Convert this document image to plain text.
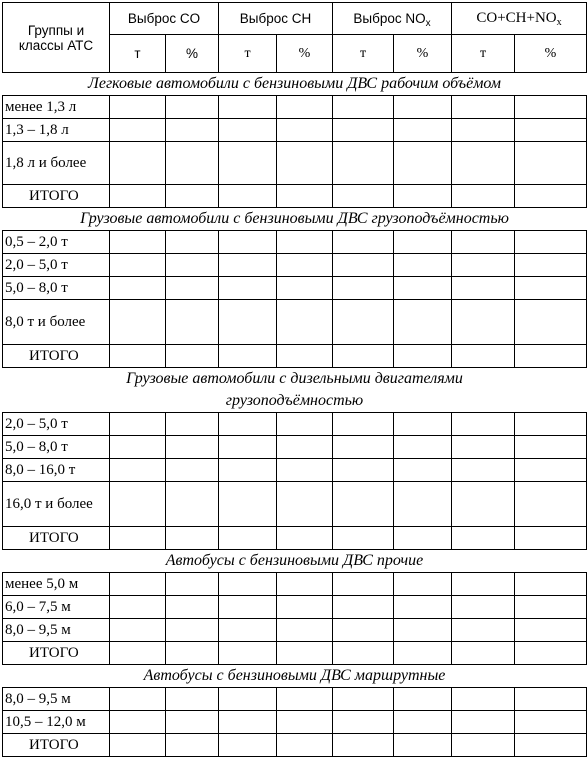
Группы и классы АТС	Выброс CO		Выброс CH		Выброс $NO_x$		$CO+CH+NO_x$
	т	%	т	%	т	%	т	%
Легковые автомобили с бензиновыми ДВС рабочим объёмом								
менее 1,3 л								
1,3 – 1,8 л								
1,8 л и более								
ИТОГО								
Грузовые автомобили с бензиновыми ДВС грузоподъёмностью								
0,5 – 2,0 т								
2,0 – 5,0 т								
5,0 – 8,0 т								
8,0 т и более								
ИТОГО								
Грузовые автомобили с дизельными двигателями
грузоподъёмностью								
2,0 – 5,0 т								
5,0 – 8,0 т								
8,0 – 16,0 т								
16,0 т и более								
ИТОГО								
Автобусы с бензиновыми ДВС прочие								
менее 5,0 м								
6,0 – 7,5 м								
8,0 – 9,5 м								
ИТОГО								
Автобусы с бензиновыми ДВС маршрутные								
8,0 – 9,5 м								
10,5 – 12,0 м								
ИТОГО								
